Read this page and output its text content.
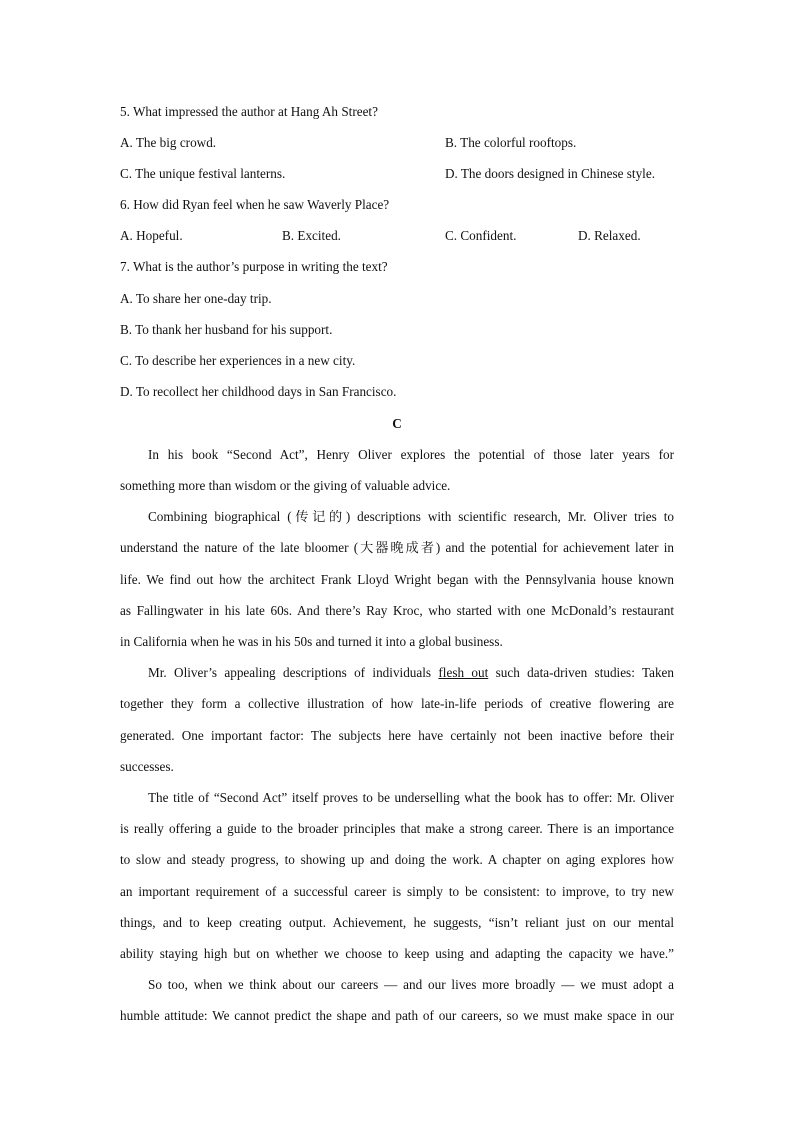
5. What impressed the author at Hang Ah Street?
A. The big crowd.	B. The colorful rooftops.
C. The unique festival lanterns.	D. The doors designed in Chinese style.
6. How did Ryan feel when he saw Waverly Place?
A. Hopeful.	B. Excited.	C. Confident.	D. Relaxed.
7. What is the author’s purpose in writing the text?
A. To share her one-day trip.
B. To thank her husband for his support.
C. To describe her experiences in a new city.
D. To recollect her childhood days in San Francisco.
C
In his book “Second Act”, Henry Oliver explores the potential of those later years for
something more than wisdom or the giving of valuable advice.
Combining biographical (传记的) descriptions with scientific research, Mr. Oliver tries to
understand the nature of the late bloomer (大器晚成者) and the potential for achievement later in
life. We find out how the architect Frank Lloyd Wright began with the Pennsylvania house known
as Fallingwater in his late 60s. And there’s Ray Kroc, who started with one McDonald’s restaurant
in California when he was in his 50s and turned it into a global business.
Mr. Oliver’s appealing descriptions of individuals flesh out such data-driven studies: Taken
together they form a collective illustration of how late-in-life periods of creative flowering are
generated. One important factor: The subjects here have certainly not been inactive before their
successes.
The title of “Second Act” itself proves to be underselling what the book has to offer: Mr. Oliver
is really offering a guide to the broader principles that make a strong career. There is an importance
to slow and steady progress, to showing up and doing the work. A chapter on aging explores how
an important requirement of a successful career is simply to be consistent: to improve, to try new
things, and to keep creating output. Achievement, he suggests, “isn’t reliant just on our mental
ability staying high but on whether we choose to keep using and adapting the capacity we have.”
So too, when we think about our careers — and our lives more broadly — we must adopt a
humble attitude: We cannot predict the shape and path of our careers, so we must make space in our
